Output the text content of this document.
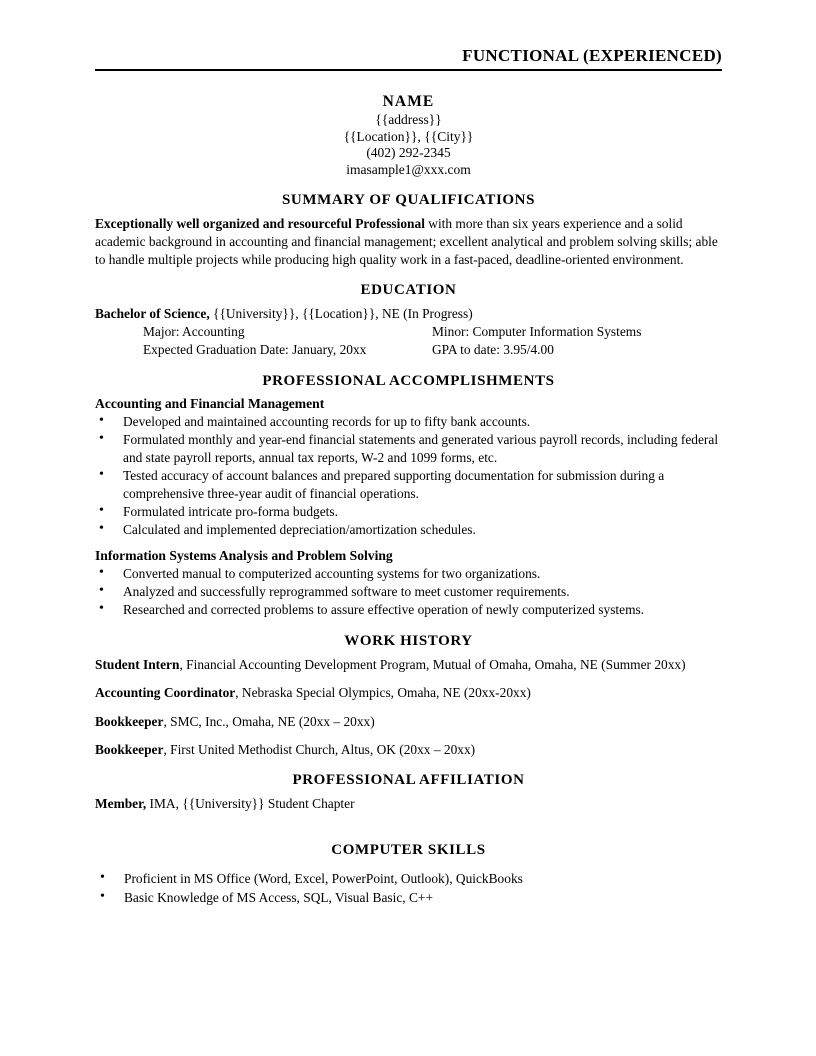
FUNCTIONAL (EXPERIENCED)
NAME
{{address}}
{{Location}}, {{City}}
(402) 292-2345
imasample1@xxx.com
SUMMARY OF QUALIFICATIONS
Exceptionally well organized and resourceful Professional with more than six years experience and a solid academic background in accounting and financial management; excellent analytical and problem solving skills; able to handle multiple projects while producing high quality work in a fast-paced, deadline-oriented environment.
EDUCATION
Bachelor of Science, {{University}}, {{Location}}, NE (In Progress)
Major: Accounting	Minor: Computer Information Systems
Expected Graduation Date: January, 20xx	GPA to date: 3.95/4.00
PROFESSIONAL ACCOMPLISHMENTS
Accounting and Financial Management
• Developed and maintained accounting records for up to fifty bank accounts.
• Formulated monthly and year-end financial statements and generated various payroll records, including federal and state payroll reports, annual tax reports, W-2 and 1099 forms, etc.
• Tested accuracy of account balances and prepared supporting documentation for submission during a comprehensive three-year audit of financial operations.
• Formulated intricate pro-forma budgets.
• Calculated and implemented depreciation/amortization schedules.
Information Systems Analysis and Problem Solving
• Converted manual to computerized accounting systems for two organizations.
• Analyzed and successfully reprogrammed software to meet customer requirements.
• Researched and corrected problems to assure effective operation of newly computerized systems.
WORK HISTORY
Student Intern, Financial Accounting Development Program, Mutual of Omaha, Omaha, NE (Summer 20xx)
Accounting Coordinator, Nebraska Special Olympics, Omaha, NE (20xx-20xx)
Bookkeeper, SMC, Inc., Omaha, NE (20xx – 20xx)
Bookkeeper, First United Methodist Church, Altus, OK (20xx – 20xx)
PROFESSIONAL AFFILIATION
Member, IMA, {{University}} Student Chapter
COMPUTER SKILLS
• Proficient in MS Office (Word, Excel, PowerPoint, Outlook), QuickBooks
• Basic Knowledge of MS Access, SQL, Visual Basic, C++
